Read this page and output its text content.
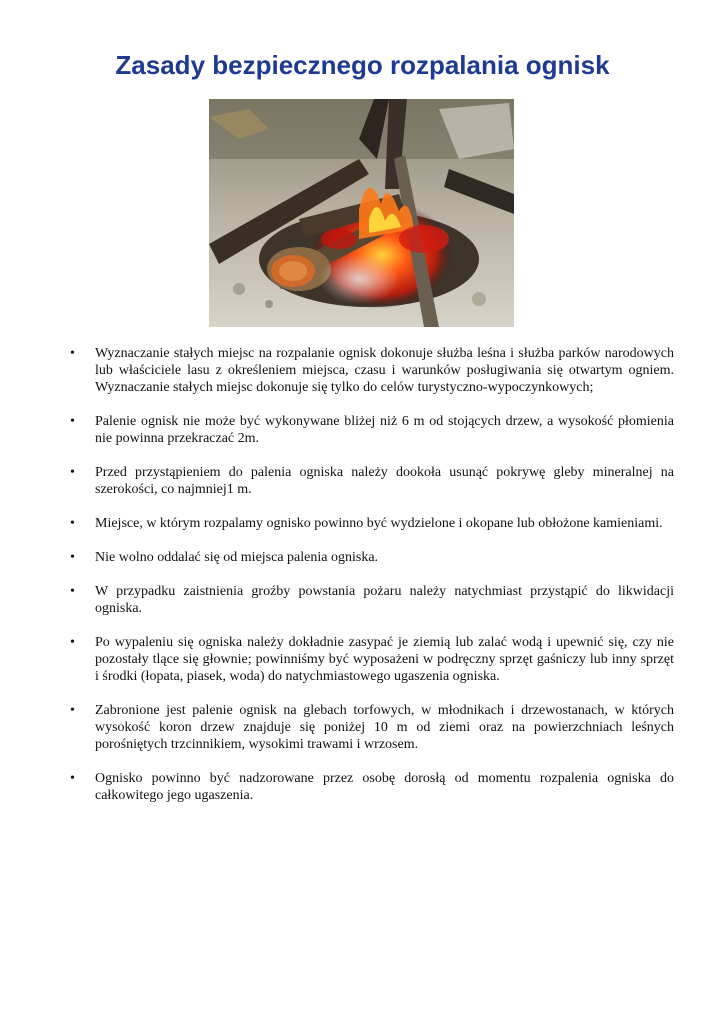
Zasady bezpiecznego rozpalania ognisk
• Wyznaczanie stałych miejsc na rozpalanie ognisk dokonuje służba leśna i służba parków narodowych lub właściciele lasu z określeniem miejsca, czasu i warunków posługiwania się otwartym ogniem. Wyznaczanie stałych miejsc dokonuje się tylko do celów turystyczno-wypoczynkowych;
• Palenie ognisk nie może być wykonywane bliżej niż 6 m od stojących drzew, a wysokość płomienia nie powinna przekraczać 2m.
• Przed przystąpieniem do palenia ogniska należy dookoła usunąć pokrywę gleby mineralnej na szerokości, co najmniej1 m.
• Miejsce, w którym rozpalamy ognisko powinno być wydzielone i okopane lub obłożone kamieniami.
• Nie wolno oddalać się od miejsca palenia ogniska.
• W przypadku zaistnienia groźby powstania pożaru należy natychmiast przystąpić do likwidacji ogniska.
• Po wypaleniu się ogniska należy dokładnie zasypać je ziemią lub zalać wodą i upewnić się, czy nie pozostały tlące się głownie; powinniśmy być wyposażeni w podręczny sprzęt gaśniczy lub inny sprzęt i środki (łopata, piasek, woda) do natychmiastowego ugaszenia ogniska.
• Zabronione jest palenie ognisk na glebach torfowych, w młodnikach i drzewostanach, w których wysokość koron drzew znajduje się poniżej 10 m od ziemi oraz na powierzchniach leśnych porośniętych trzcinnikiem, wysokimi trawami i wrzosem.
• Ognisko powinno być nadzorowane przez osobę dorosłą od momentu rozpalenia ogniska do całkowitego jego ugaszenia.
